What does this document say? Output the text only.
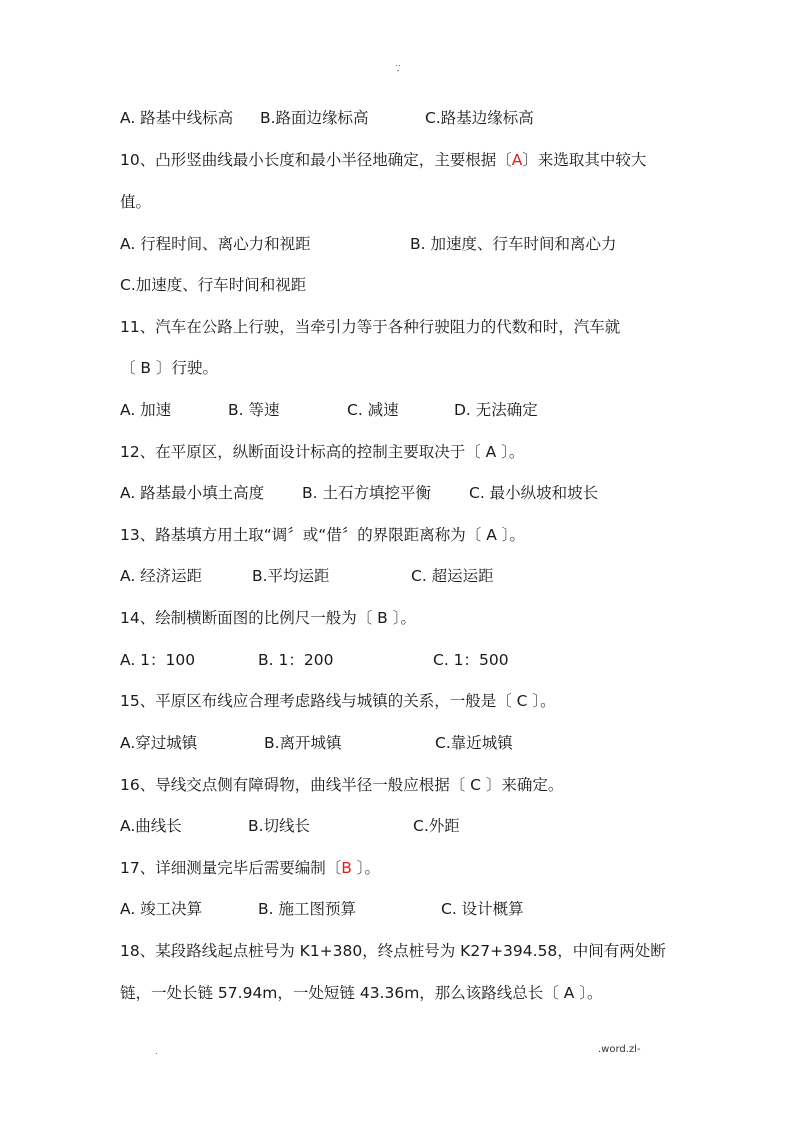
..
-
A. 路基中线标高 B.路面边缘标高	C.路基边缘标高
10、凸形竖曲线最小长度和最小半径地确定，主要根据〔A〕来选取其中较大
值。
A. 行程时间、离心力和视距	B. 加速度、行车时间和离心力
C.加速度、行车时间和视距
11、汽车在公路上行驶，当牵引力等于各种行驶阻力的代数和时，汽车就
〔 B 〕行驶。
A. 加速	B. 等速	C. 减速	D. 无法确定
12、在平原区，纵断面设计标高的控制主要取决于〔 A 〕。
A. 路基最小填土高度 B. 土石方填挖平衡 C. 最小纵坡和坡长
13、路基填方用土取“调〞或“借〞的界限距离称为〔 A 〕。
A. 经济运距	B.平均运距	C. 超运运距
14、绘制横断面图的比例尺一般为〔 B 〕。
A. 1：100	B. 1：200	C. 1：500
15、平原区布线应合理考虑路线与城镇的关系，一般是〔 C 〕。
A.穿过城镇	B.离开城镇	C.靠近城镇
16、导线交点侧有障碍物，曲线半径一般应根据〔 C 〕来确定。
A.曲线长	B.切线长	C.外距
17、详细测量完毕后需要编制〔B 〕。
A. 竣工决算	B. 施工图预算	C. 设计概算
18、某段路线起点桩号为 K1+380，终点桩号为 K27+394.58，中间有两处断
链，一处长链 57.94m，一处短链 43.36m，那么该路线总长〔 A 〕。
.	.word.zl-
